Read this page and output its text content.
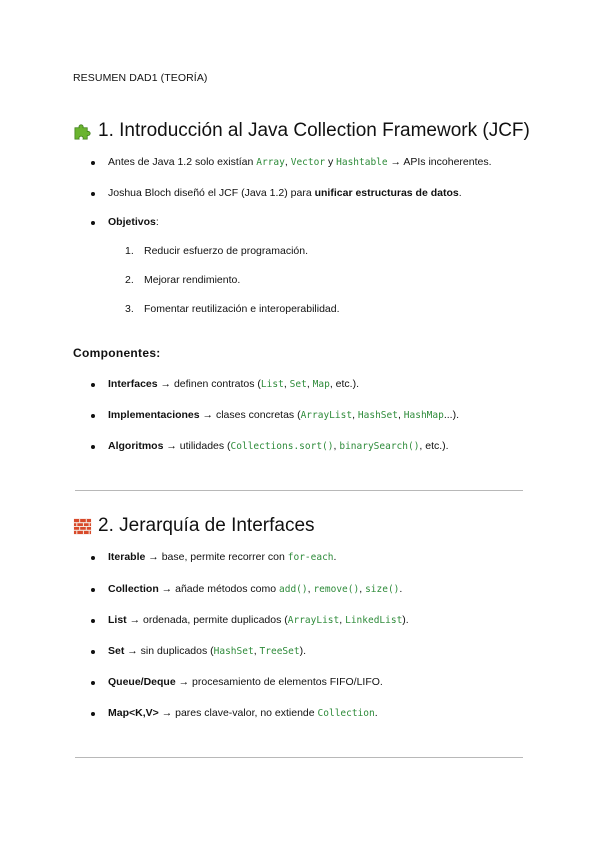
RESUMEN DAD1 (TEORÍA)
1. Introducción al Java Collection Framework (JCF)
Antes de Java 1.2 solo existían Array, Vector y Hashtable → APIs incoherentes.
Joshua Bloch diseñó el JCF (Java 1.2) para unificar estructuras de datos.
Objetivos:
1. Reducir esfuerzo de programación.
2. Mejorar rendimiento.
3. Fomentar reutilización e interoperabilidad.
Componentes:
Interfaces → definen contratos (List, Set, Map, etc.).
Implementaciones → clases concretas (ArrayList, HashSet, HashMap...).
Algoritmos → utilidades (Collections.sort(), binarySearch(), etc.).
2. Jerarquía de Interfaces
Iterable → base, permite recorrer con for-each.
Collection → añade métodos como add(), remove(), size().
List → ordenada, permite duplicados (ArrayList, LinkedList).
Set → sin duplicados (HashSet, TreeSet).
Queue/Deque → procesamiento de elementos FIFO/LIFO.
Map<K,V> → pares clave-valor, no extiende Collection.
